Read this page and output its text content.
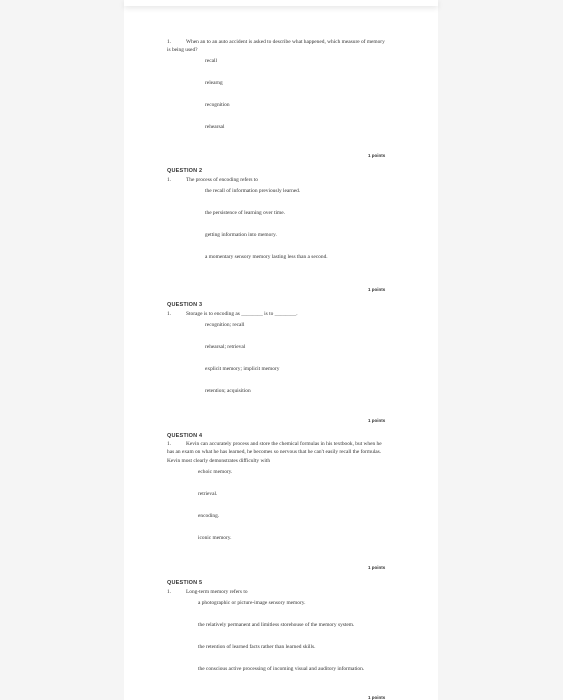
1.	When an to an auto accident is asked to describe what happened, which measure of memory is being used?
recall
relearng
recognition
rehearsal
1 points
QUESTION 2
1.	The process of encoding refers to
the recall of information previously learned.
the persistence of learning over time.
getting information into memory.
a momentary sensory memory lasting less than a second.
1 points
QUESTION 3
1.	Storage is to encoding as ________ is to ________.
recognition; recall
rehearsal; retrieval
explicit memory; implicit memory
retention; acquisition
1 points
QUESTION 4
1.	Kevin can accurately process and store the chemical formulas in his textbook, but when he has an exam on what he has learned, he becomes so nervous that he can't easily recall the formulas. Kevin most clearly demonstrates difficulty with
echoic memory.
retrieval.
encoding.
iconic memory.
1 points
QUESTION 5
1.	Long-term memory refers to
a photographic or picture-image sensory memory.
the relatively permanent and limitless storehouse of the memory system.
the retention of learned facts rather than learned skills.
the conscious active processing of incoming visual and auditory information.
1 points
